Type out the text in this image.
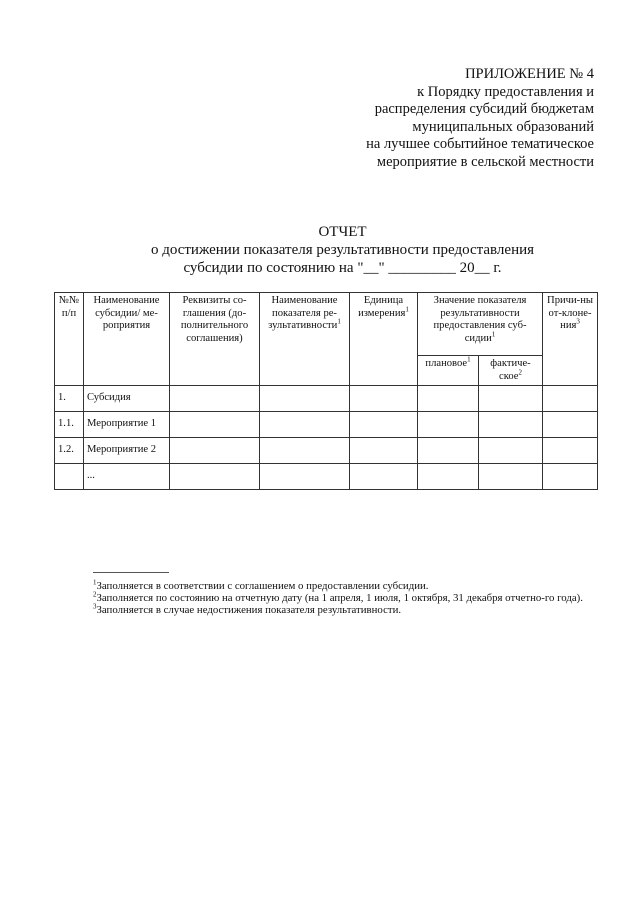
ПРИЛОЖЕНИЕ № 4
к Порядку предоставления и
распределения субсидий бюджетам
муниципальных образований
на лучшее событийное тематическое
мероприятие в сельской местности
ОТЧЕТ
о достижении показателя результативности предоставления
субсидии по состоянию на "__" _________ 20__ г.
№№ п/п	Наименование субсидии/ ме-роприятия	Реквизиты со-глашения (до-полнительного соглашения)	Наименование показателя ре-зультативности$^1$	Единица измерения$^1$	Значение показателя результативности предоставления суб-сидии$^1$		Причи-ны от-клоне-ния$^3$
					плановое$^1$	фактиче-ское$^2$

1.	Субсидия						
1.1.	Мероприятие 1						
1.2.	Мероприятие 2						
	...						

$^1$Заполняется в соответствии с соглашением о предоставлении субсидии.

$^2$Заполняется по состоянию на отчетную дату (на 1 апреля, 1 июля, 1 октября, 31 декабря отчетно-го года).

$^3$Заполняется в случае недостижения показателя результативности.
